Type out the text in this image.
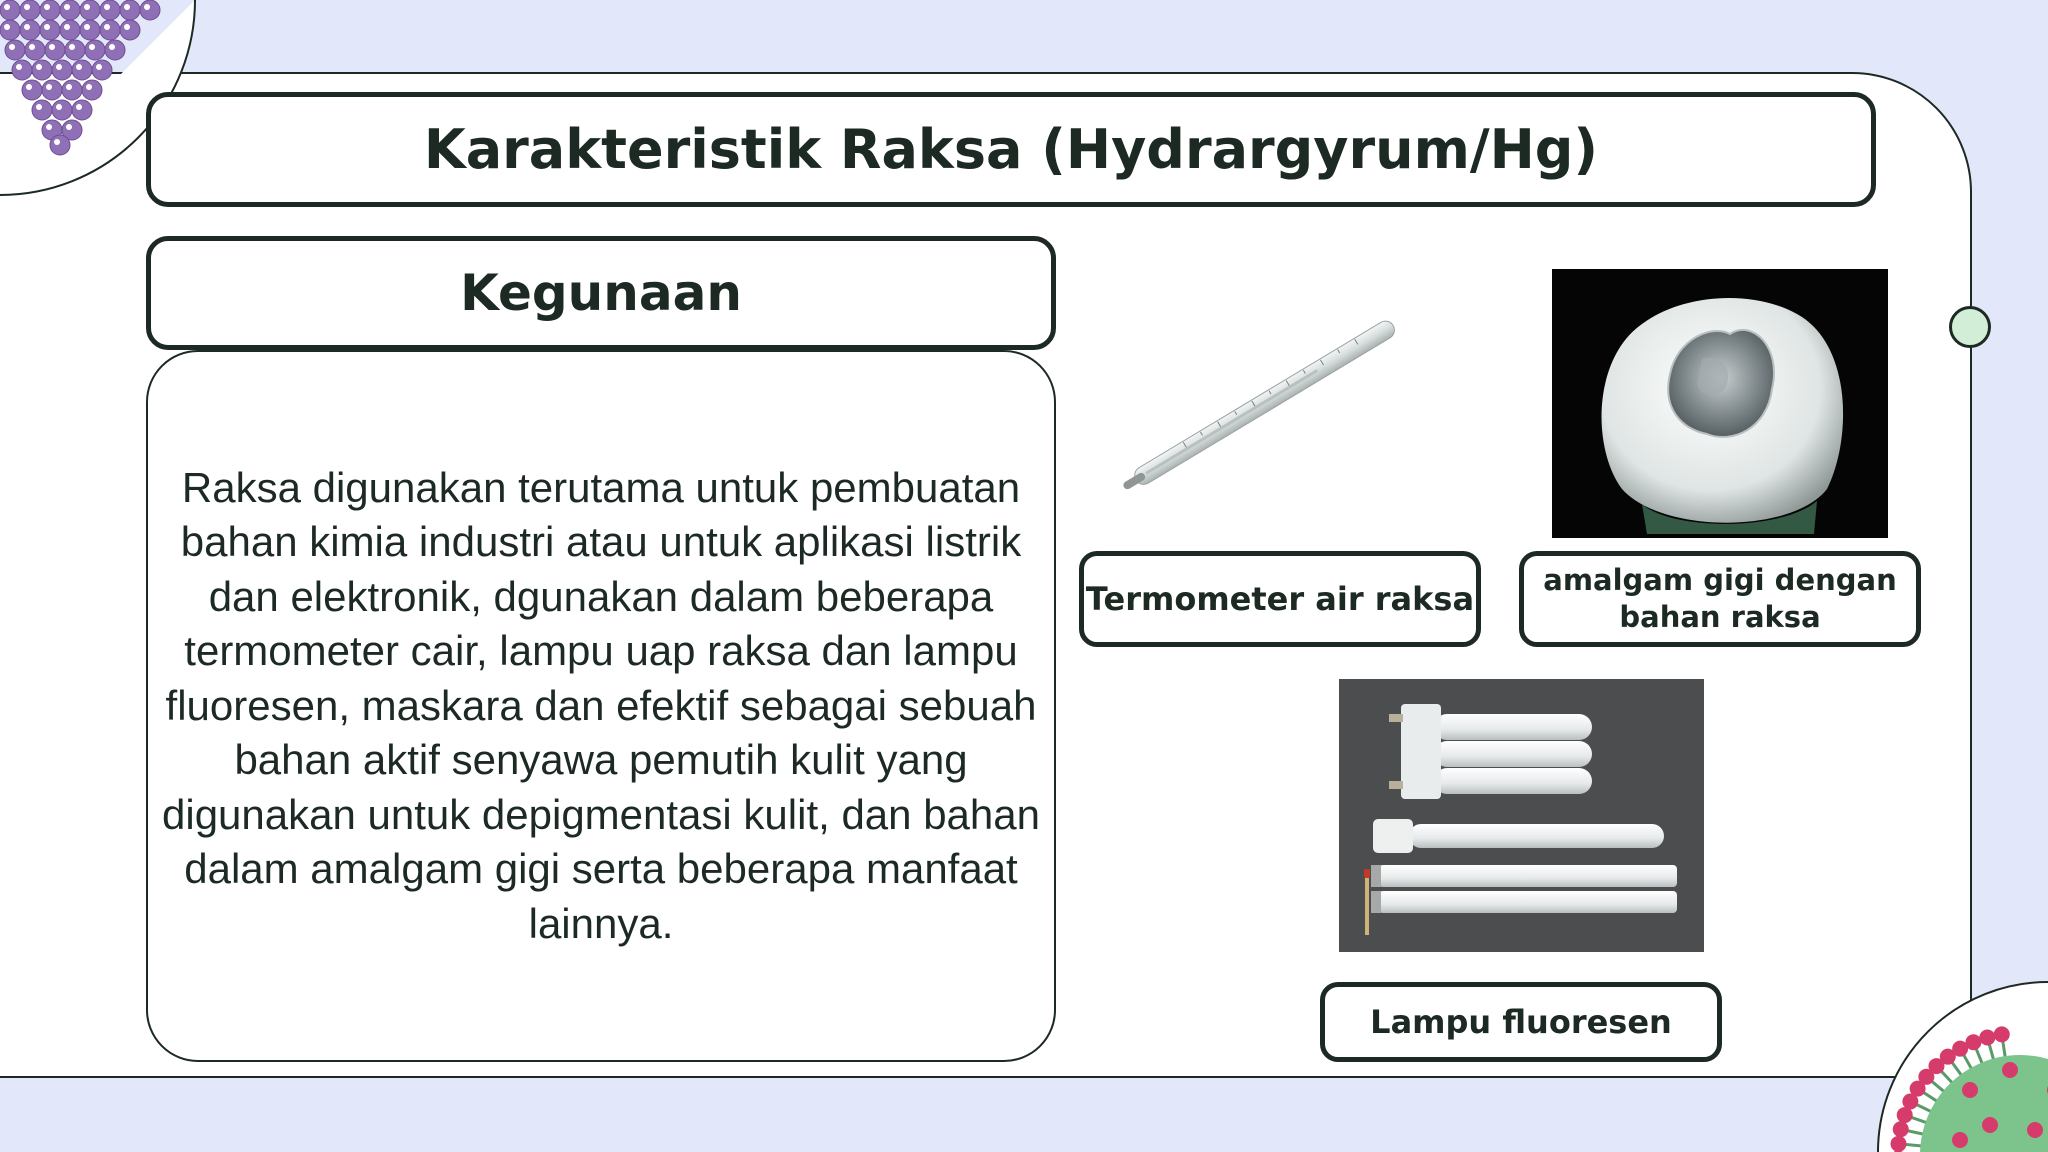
Karakteristik Raksa (Hydrargyrum/Hg)
Kegunaan

Raksa digunakan terutama untuk pembuatan bahan kimia industri atau untuk aplikasi listrik dan elektronik, dgunakan dalam beberapa termometer cair, lampu uap raksa dan lampu fluoresen, maskara dan efektif sebagai sebuah bahan aktif senyawa pemutih kulit yang digunakan untuk depigmentasi kulit, dan bahan dalam amalgam gigi serta beberapa manfaat lainnya.

Termometer air raksa	amalgam gigi dengan bahan raksa
Lampu fluoresen
